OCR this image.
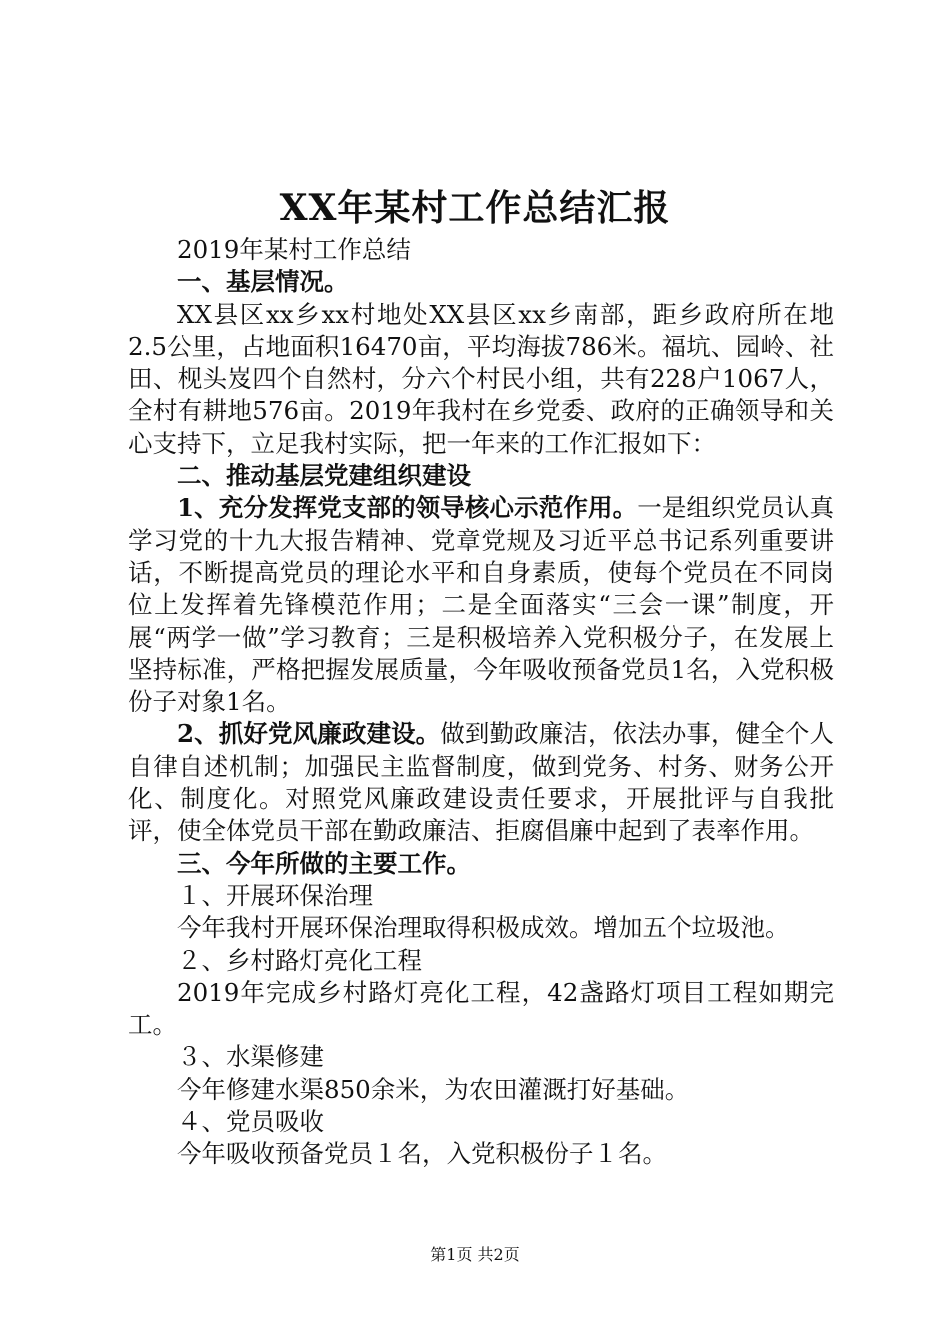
XX年某村工作总结汇报

2019年某村工作总结

一、基层情况。

XX县区xx乡xx村地处XX县区xx乡南部，距乡政府所在地2.5公里，占地面积16470亩，平均海拔786米。福坑、园岭、社田、枧头岌四个自然村，分六个村民小组，共有228户1067人，全村有耕地576亩。2019年我村在乡党委、政府的正确领导和关心支持下，立足我村实际，把一年来的工作汇报如下：

二、推动基层党建组织建设

1、充分发挥党支部的领导核心示范作用。一是组织党员认真学习党的十九大报告精神、党章党规及习近平总书记系列重要讲话，不断提高党员的理论水平和自身素质，使每个党员在不同岗位上发挥着先锋模范作用；二是全面落实“三会一课”制度，开展“两学一做”学习教育；三是积极培养入党积极分子，在发展上坚持标准，严格把握发展质量，今年吸收预备党员1名，入党积极份子对象1名。

2、抓好党风廉政建设。做到勤政廉洁，依法办事，健全个人自律自述机制；加强民主监督制度，做到党务、村务、财务公开化、制度化。对照党风廉政建设责任要求，开展批评与自我批评，使全体党员干部在勤政廉洁、拒腐倡廉中起到了表率作用。

三、今年所做的主要工作。

１、开展环保治理

今年我村开展环保治理取得积极成效。增加五个垃圾池。

２、乡村路灯亮化工程

2019年完成乡村路灯亮化工程，42盏路灯项目工程如期完工。

３、水渠修建

今年修建水渠850余米，为农田灌溉打好基础。

４、党员吸收

今年吸收预备党员１名，入党积极份子１名。

第1页 共2页
